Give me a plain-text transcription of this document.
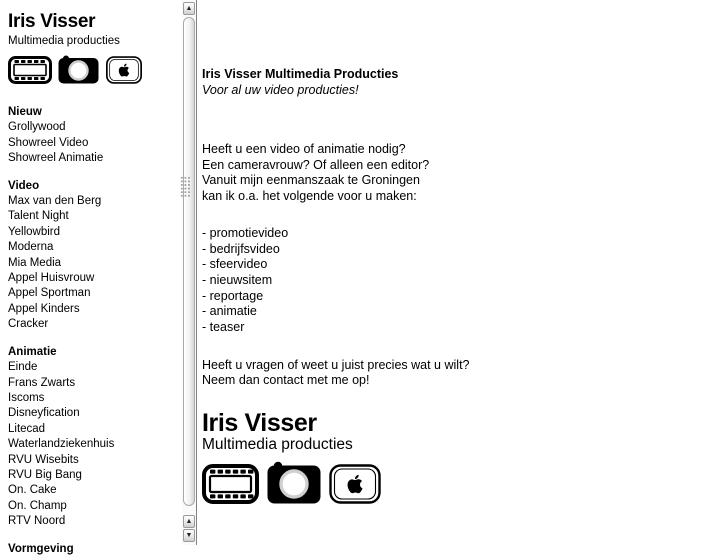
Iris Visser
Multimedia producties
Nieuw
Grollywood
Showreel Video
Showreel Animatie
Video
Max van den Berg
Talent Night
Yellowbird
Moderna
Mia Media
Appel Huisvrouw
Appel Sportman
Appel Kinders
Cracker
Animatie
Einde
Frans Zwarts
Iscoms
Disneyfication
Litecad
Waterlandziekenhuis
RVU Wisebits
RVU Big Bang
On. Cake
On. Champ
RTV Noord
Vormgeving
▲
▲
▼
Iris Visser Multimedia Producties
Voor al uw video producties!
Heeft u een video of animatie nodig?
Een cameravrouw? Of alleen een editor?
Vanuit mijn eenmanszaak te Groningen
kan ik o.a. het volgende voor u maken:
- promotievideo
- bedrijfsvideo
- sfeervideo
- nieuwsitem
- reportage
- animatie
- teaser
Heeft u vragen of weet u juist precies wat u wilt?
Neem dan contact met me op!
Iris Visser
Multimedia producties
